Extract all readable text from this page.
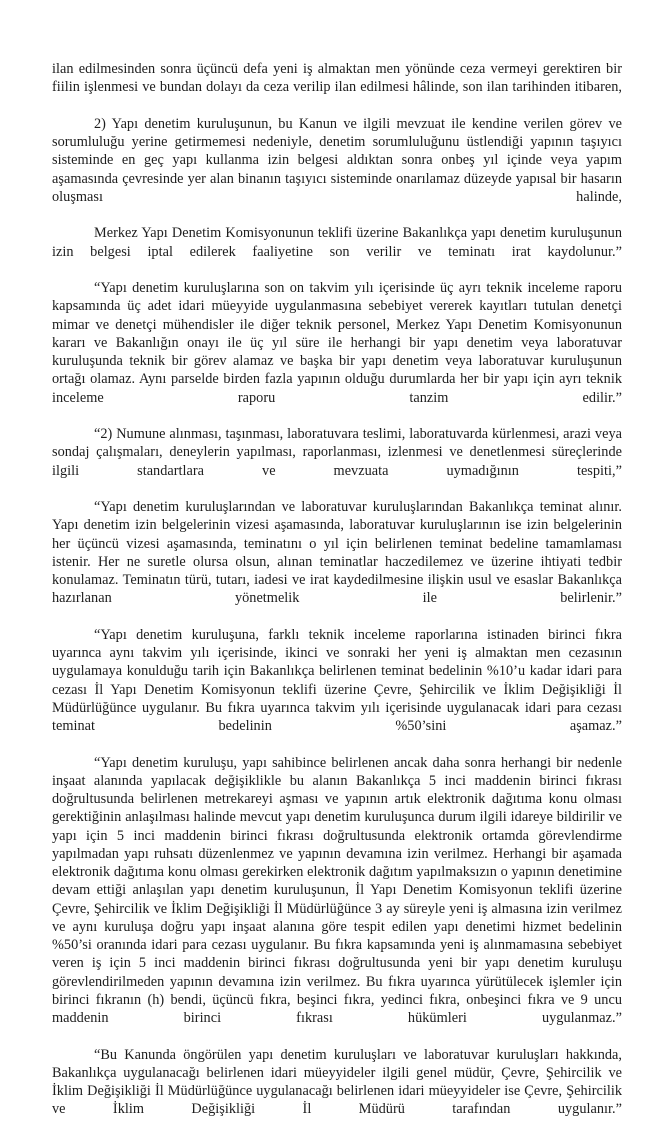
ilan edilmesinden sonra üçüncü defa yeni iş almaktan men yönünde ceza vermeyi gerektiren bir fiilin işlenmesi ve bundan dolayı da ceza verilip ilan edilmesi hâlinde, son ilan tarihinden itibaren,

2) Yapı denetim kuruluşunun, bu Kanun ve ilgili mevzuat ile kendine verilen görev ve sorumluluğu yerine getirmemesi nedeniyle, denetim sorumluluğunu üstlendiği yapının taşıyıcı sisteminde en geç yapı kullanma izin belgesi aldıktan sonra onbeş yıl içinde veya yapım aşamasında çevresinde yer alan binanın taşıyıcı sisteminde onarılamaz düzeyde yapısal bir hasarın oluşması halinde,

Merkez Yapı Denetim Komisyonunun teklifi üzerine Bakanlıkça yapı denetim kuruluşunun izin belgesi iptal edilerek faaliyetine son verilir ve teminatı irat kaydolunur.”

“Yapı denetim kuruluşlarına son on takvim yılı içerisinde üç ayrı teknik inceleme raporu kapsamında üç adet idari müeyyide uygulanmasına sebebiyet vererek kayıtları tutulan denetçi mimar ve denetçi mühendisler ile diğer teknik personel, Merkez Yapı Denetim Komisyonunun kararı ve Bakanlığın onayı ile üç yıl süre ile herhangi bir yapı denetim veya laboratuvar kuruluşunda teknik bir görev alamaz ve başka bir yapı denetim veya laboratuvar kuruluşunun ortağı olamaz. Aynı parselde birden fazla yapının olduğu durumlarda her bir yapı için ayrı teknik inceleme raporu tanzim edilir.”

“2) Numune alınması, taşınması, laboratuvara teslimi, laboratuvarda kürlenmesi, arazi veya sondaj çalışmaları, deneylerin yapılması, raporlanması, izlenmesi ve denetlenmesi süreçlerinde ilgili standartlara ve mevzuata uymadığının tespiti,”

“Yapı denetim kuruluşlarından ve laboratuvar kuruluşlarından Bakanlıkça teminat alınır. Yapı denetim izin belgelerinin vizesi aşamasında, laboratuvar kuruluşlarının ise izin belgelerinin her üçüncü vizesi aşamasında, teminatını o yıl için belirlenen teminat bedeline tamamlaması istenir. Her ne suretle olursa olsun, alınan teminatlar haczedilemez ve üzerine ihtiyati tedbir konulamaz. Teminatın türü, tutarı, iadesi ve irat kaydedilmesine ilişkin usul ve esaslar Bakanlıkça hazırlanan yönetmelik ile belirlenir.”

“Yapı denetim kuruluşuna, farklı teknik inceleme raporlarına istinaden birinci fıkra uyarınca aynı takvim yılı içerisinde, ikinci ve sonraki her yeni iş almaktan men cezasının uygulamaya konulduğu tarih için Bakanlıkça belirlenen teminat bedelinin %10’u kadar idari para cezası İl Yapı Denetim Komisyonun teklifi üzerine Çevre, Şehircilik ve İklim Değişikliği İl Müdürlüğünce uygulanır. Bu fıkra uyarınca takvim yılı içerisinde uygulanacak idari para cezası teminat bedelinin %50’sini aşamaz.”

“Yapı denetim kuruluşu, yapı sahibince belirlenen ancak daha sonra herhangi bir nedenle inşaat alanında yapılacak değişiklikle bu alanın Bakanlıkça 5 inci maddenin birinci fıkrası doğrultusunda belirlenen metrekareyi aşması ve yapının artık elektronik dağıtıma konu olması gerektiğinin anlaşılması halinde mevcut yapı denetim kuruluşunca durum ilgili idareye bildirilir ve yapı için 5 inci maddenin birinci fıkrası doğrultusunda elektronik ortamda görevlendirme yapılmadan yapı ruhsatı düzenlenmez ve yapının devamına izin verilmez. Herhangi bir aşamada elektronik dağıtıma konu olması gerekirken elektronik dağıtım yapılmaksızın o yapının denetimine devam ettiği anlaşılan yapı denetim kuruluşunun, İl Yapı Denetim Komisyonun teklifi üzerine Çevre, Şehircilik ve İklim Değişikliği İl Müdürlüğünce 3 ay süreyle yeni iş almasına izin verilmez ve aynı kuruluşa doğru yapı inşaat alanına göre tespit edilen yapı denetimi hizmet bedelinin %50’si oranında idari para cezası uygulanır. Bu fıkra kapsamında yeni iş alınmamasına sebebiyet veren iş için 5 inci maddenin birinci fıkrası doğrultusunda yeni bir yapı denetim kuruluşu görevlendirilmeden yapının devamına izin verilmez. Bu fıkra uyarınca yürütülecek işlemler için birinci fıkranın (h) bendi, üçüncü fıkra, beşinci fıkra, yedinci fıkra, onbeşinci fıkra ve 9 uncu maddenin birinci fıkrası hükümleri uygulanmaz.”

“Bu Kanunda öngörülen yapı denetim kuruluşları ve laboratuvar kuruluşları hakkında, Bakanlıkça uygulanacağı belirlenen idari müeyyideler ilgili genel müdür, Çevre, Şehircilik ve İklim Değişikliği İl Müdürlüğünce uygulanacağı belirlenen idari müeyyideler ise Çevre, Şehircilik ve İklim Değişikliği İl Müdürü tarafından uygulanır.”
